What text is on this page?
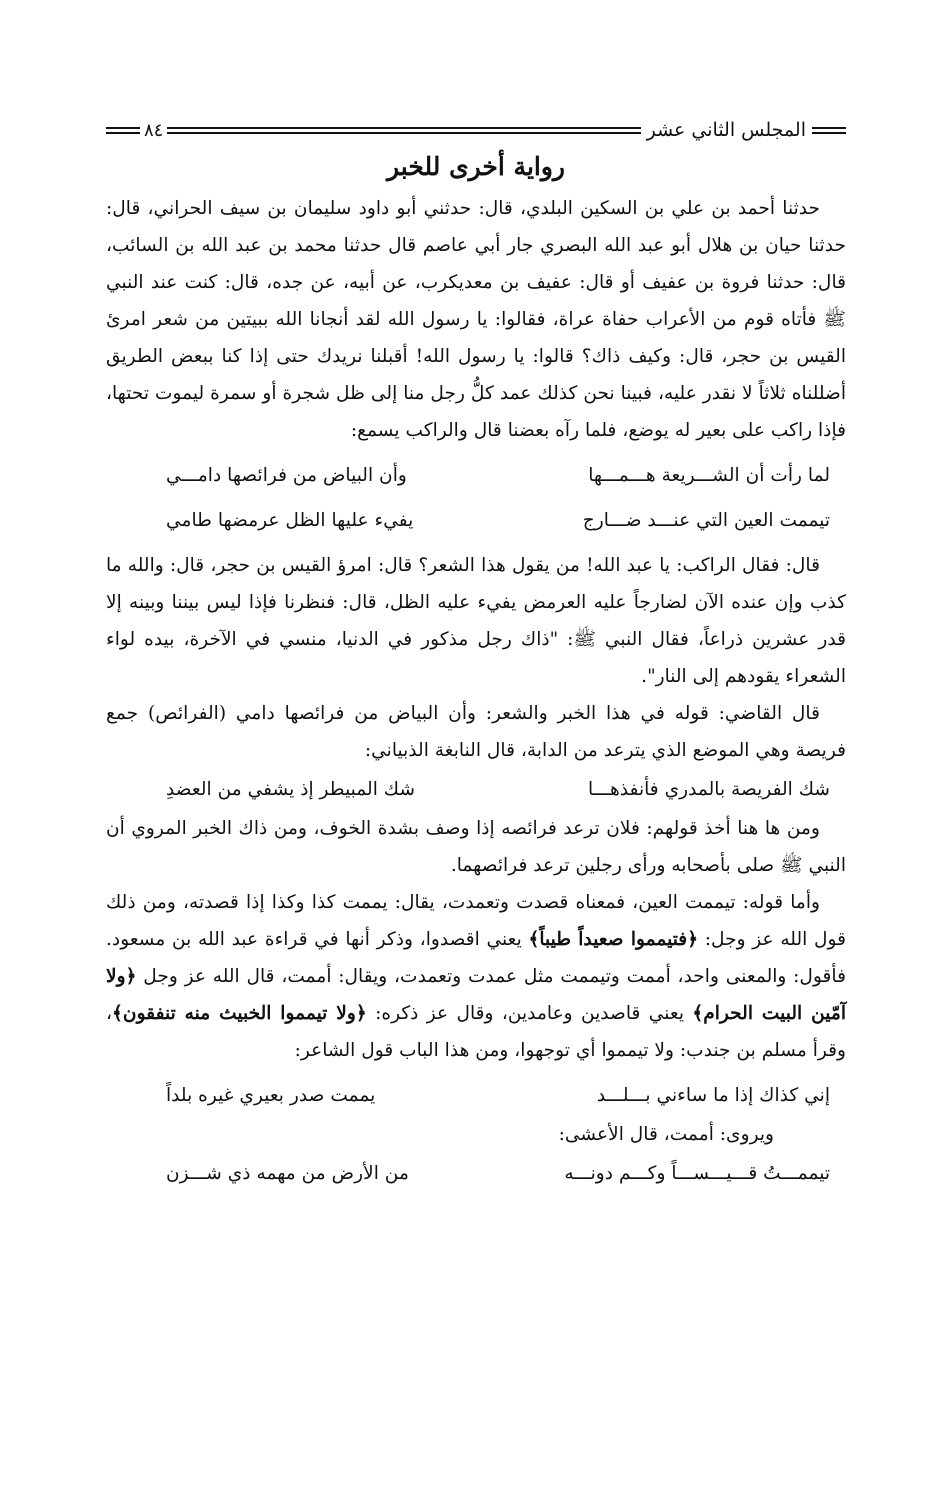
المجلس الثاني عشر
٨٤
رواية أخرى للخبر

حدثنا أحمد بن علي بن السكين البلدي، قال: حدثني أبو داود سليمان بن سيف الحراني، قال: حدثنا حيان بن هلال أبو عبد الله البصري جار أبي عاصم قال حدثنا محمد بن عبد الله بن السائب، قال: حدثنا فروة بن عفيف أو قال: عفيف بن معديكرب، عن أبيه، عن جده، قال: كنت عند النبي ﷺ فأتاه قوم من الأعراب حفاة عراة، فقالوا: يا رسول الله لقد أنجانا الله ببيتين من شعر امرئ القيس بن حجر، قال: وكيف ذاك؟ قالوا: يا رسول الله! أقبلنا نريدك حتى إذا كنا ببعض الطريق أضللناه ثلاثاً لا نقدر عليه، فبينا نحن كذلك عمد كلُّ رجل منا إلى ظل شجرة أو سمرة ليموت تحتها، فإذا راكب على بعير له يوضع، فلما رآه بعضنا قال والراكب يسمع:

لما رأت أن الشـــريعة هـــمـــها
وأن البياض من فرائصها دامـــي
تيممت العين التي عنـــد ضـــارج
يفيء عليها الظل عرمضها طامي

قال: فقال الراكب: يا عبد الله! من يقول هذا الشعر؟ قال: امرؤ القيس بن حجر، قال: والله ما كذب وإن عنده الآن لضارجاً عليه العرمض يفيء عليه الظل، قال: فنظرنا فإذا ليس بيننا وبينه إلا قدر عشرين ذراعاً، فقال النبي ﷺ: "ذاك رجل مذكور في الدنيا، منسي في الآخرة، بيده لواء الشعراء يقودهم إلى النار".

قال القاضي: قوله في هذا الخبر والشعر: وأن البياض من فرائصها دامي (الفرائص) جمع فريصة وهي الموضع الذي يترعد من الدابة، قال النابغة الذبياني:

شك الفريصة بالمدري فأنفذهـــا
شك المبيطر إذ يشفي من العضدِ

ومن ها هنا أخذ قولهم: فلان ترعد فرائصه إذا وصف بشدة الخوف، ومن ذاك الخبر المروي أن النبي ﷺ صلى بأصحابه ورأى رجلين ترعد فرائصهما.

وأما قوله: تيممت العين، فمعناه قصدت وتعمدت، يقال: يممت كذا وكذا إذا قصدته، ومن ذلك قول الله عز وجل: ﴿فتيمموا صعيداً طيباً﴾ يعني اقصدوا، وذكر أنها في قراءة عبد الله بن مسعود. فأقول: والمعنى واحد، أممت وتيممت مثل عمدت وتعمدت، ويقال: أممت، قال الله عز وجل ﴿ولا آمّين البيت الحرام﴾ يعني قاصدين وعامدين، وقال عز ذكره: ﴿ولا تيمموا الخبيث منه تنفقون﴾، وقرأ مسلم بن جندب: ولا تيمموا أي توجهوا، ومن هذا الباب قول الشاعر:

إني كذاك إذا ما ساءني بـــلـــد
يممت صدر بعيري غيره بلداً

ويروى: أممت، قال الأعشى:

تيممـــتُ قـــيـــســـاً وكـــم دونـــه
من الأرض من مهمه ذي شـــزن
